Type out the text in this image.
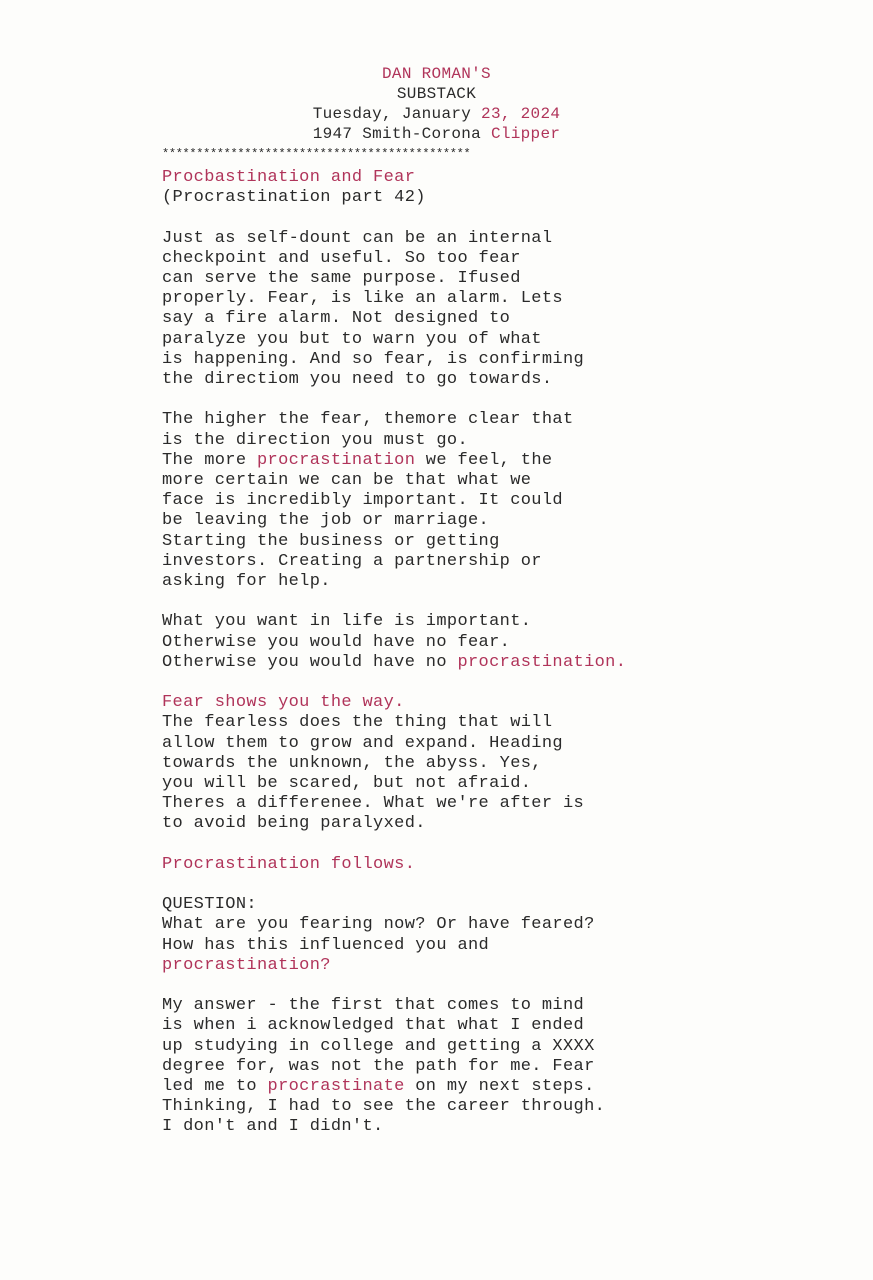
DAN ROMAN'S
SUBSTACK
Tuesday, January 23, 2024
1947 Smith-Corona Clipper
*********************************************
Procbastination and Fear
(Procrastination part 42)
Just as self-dount can be an internal
checkpoint and useful. So too fear
can serve the same purpose. Ifused
properly. Fear, is like an alarm. Lets
say a fire alarm. Not designed to
paralyze you but to warn you of what
is happening. And so fear, is confirming
the directiom you need to go towards.
The higher the fear, themore clear that
is the direction you must go.
The more procrastination we feel, the
more certain we can be that what we
face is incredibly important. It could
be leaving the job or marriage.
Starting the business or getting
investors. Creating a partnership or
asking for help.
What you want in life is important.
Otherwise you would have no fear.
Otherwise you would have no procrastination.
Fear shows you the way.
The fearless does the thing that will
allow them to grow and expand. Heading
towards the unknown, the abyss. Yes,
you will be scared, but not afraid.
Theres a differenee. What we're after is
to avoid being paralyxed.
Procrastination follows.
QUESTION:
What are you fearing now? Or have feared?
How has this influenced you and
procrastination?
My answer - the first that comes to mind
is when i acknowledged that what I ended
up studying in college and getting a XXXX
degree for, was not the path for me. Fear
led me to procrastinate on my next steps.
Thinking, I had to see the career through.
I don't and I didn't.
